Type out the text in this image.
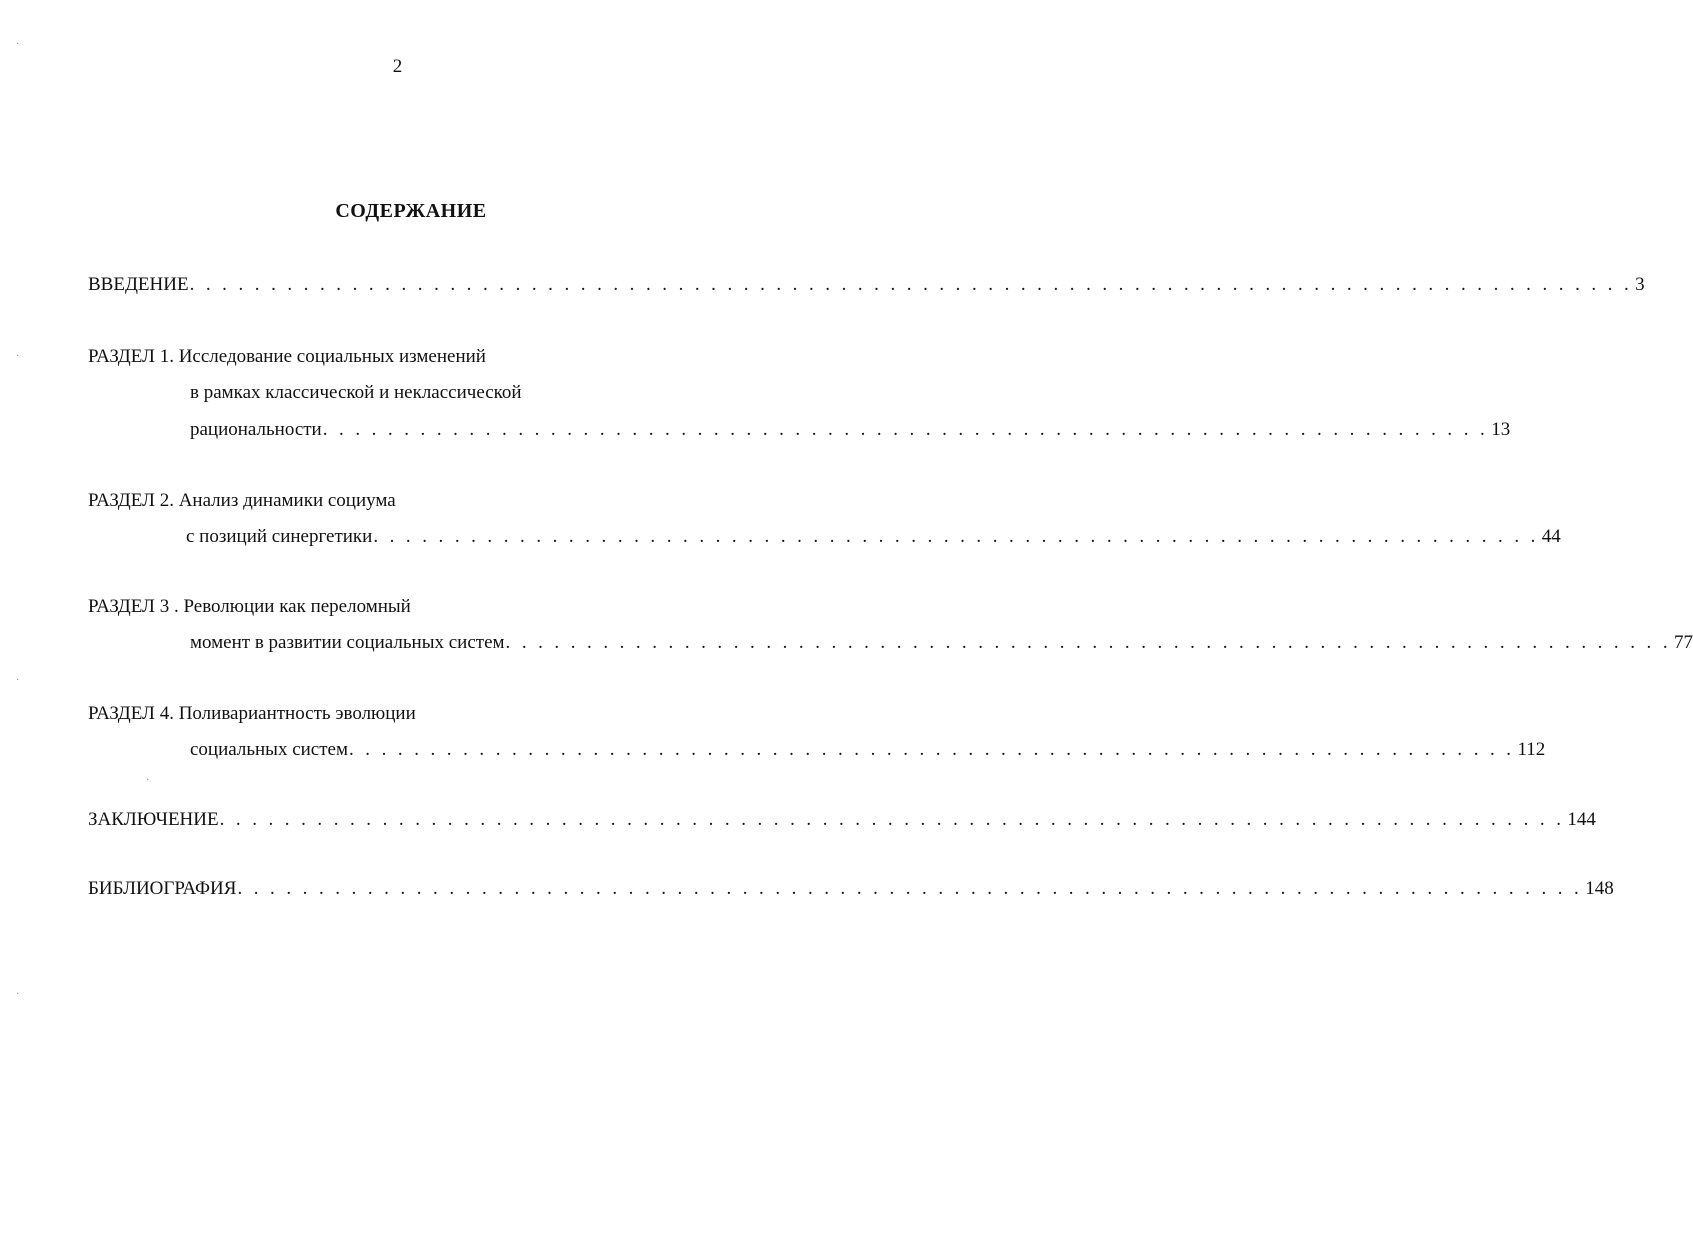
2
СОДЕРЖАНИЕ
ВВЕДЕНИЕ . . . . . . . . . . . . . . . . . . . . . . . . . . . . . . . . . . . . . . . . . . . . . . . . . . . . . . . . . . . . . . . . . . . . . . . . . . . . . . . . . . . . . . . . . 3
РАЗДЕЛ 1. Исследование социальных изменений
в рамках классической и неклассической
рациональности . . . . . . . . . . . . . . . . . . . . . . . . . . . . . . . . . . . . . . . . . . . . . . . . . . . . . . . . . . . . . . . . . . . . . . . . 13
РАЗДЕЛ 2. Анализ динамики социума
с позиций синергетики . . . . . . . . . . . . . . . . . . . . . . . . . . . . . . . . . . . . . . . . . . . . . . . . . . . . . . . . . . . . . . . . . . . . . . . . 44
РАЗДЕЛ 3 . Революции как переломный
момент в развитии социальных систем . . . . . . . . . . . . . . . . . . . . . . . . . . . . . . . . . . . . . . . . . . . . . . . . . . . . . . . . . . . . . . . . . . . . . . . . 77
РАЗДЕЛ 4. Поливариантность эволюции
социальных систем . . . . . . . . . . . . . . . . . . . . . . . . . . . . . . . . . . . . . . . . . . . . . . . . . . . . . . . . . . . . . . . . . . . . . . . . 112
ЗАКЛЮЧЕНИЕ . . . . . . . . . . . . . . . . . . . . . . . . . . . . . . . . . . . . . . . . . . . . . . . . . . . . . . . . . . . . . . . . . . . . . . . . . . . . . . . . . . . 144
БИБЛИОГРАФИЯ . . . . . . . . . . . . . . . . . . . . . . . . . . . . . . . . . . . . . . . . . . . . . . . . . . . . . . . . . . . . . . . . . . . . . . . . . . . . . . . . . . . 148
·
·
·
·
·
